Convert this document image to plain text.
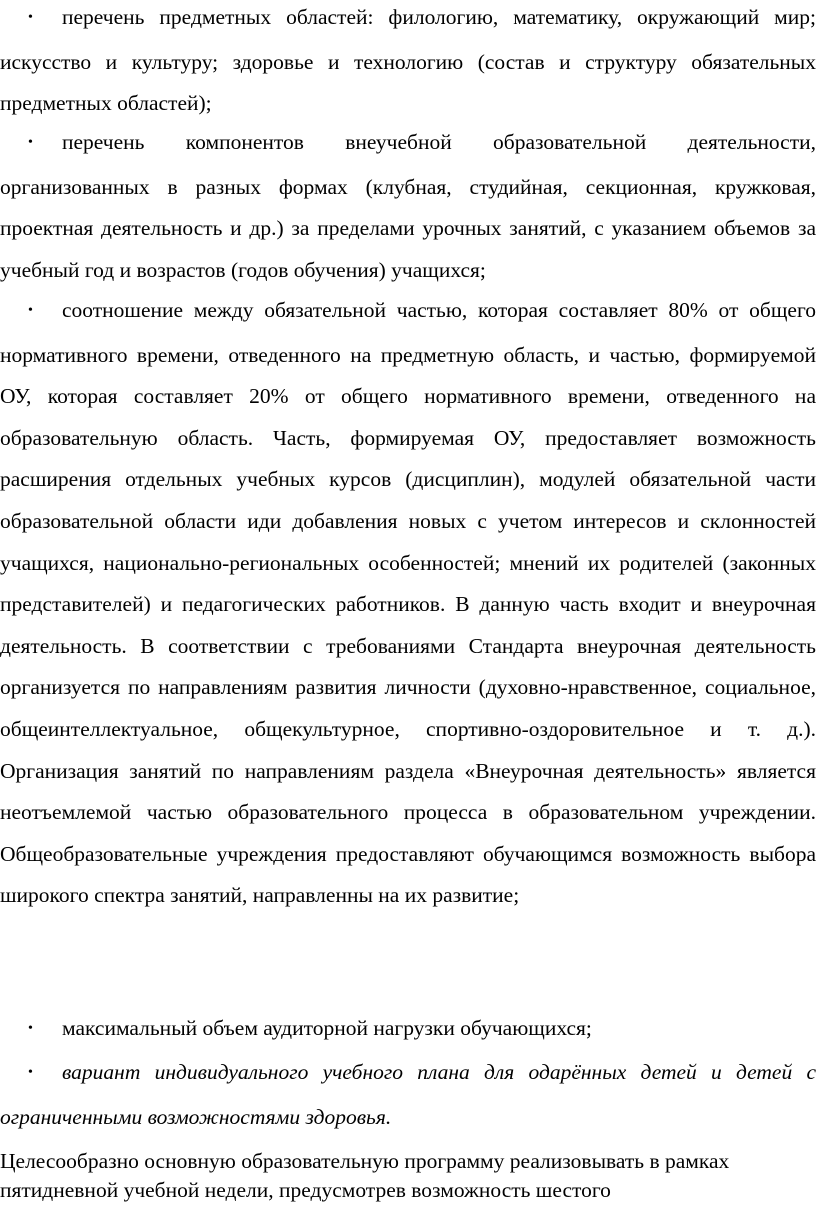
• перечень предметных областей: филологию, математику, окружающий мир; искусство и культуру; здоровье и технологию (состав и структуру обязательных предметных областей);

• перечень компонентов внеучебной образовательной деятельности, организованных в разных формах (клубная, студийная, секционная, кружковая, проектная деятельность и др.) за пределами урочных занятий, с указанием объемов за учебный год и возрастов (годов обучения) учащихся;

• соотношение между обязательной частью, которая составляет 80% от общего нормативного времени, отведенного на предметную область, и частью, формируемой ОУ, которая составляет 20% от общего нормативного времени, отведенного на образовательную область. Часть, формируемая ОУ, предоставляет возможность расширения отдельных учебных курсов (дисциплин), модулей обязательной части образовательной области иди добавления новых с учетом интересов и склонностей учащихся, национально-региональных особенностей; мнений их родителей (законных представителей) и педагогических работников. В данную часть входит и внеурочная деятельность. В соответствии с требованиями Стандарта внеурочная деятельность организуется по направлениям развития личности (духовно-нравственное, социальное, общеинтеллектуальное, общекультурное, спортивно-оздоровительное и т. д.). Организация занятий по направлениям раздела «Внеурочная деятельность» является неотъемлемой частью образовательного процесса в образовательном учреждении. Общеобразовательные учреждения предоставляют обучающимся возможность выбора широкого спектра занятий, направленны на их развитие;

• максимальный объем аудиторной нагрузки обучающихся;

• вариант индивидуального учебного плана для одарённых детей и детей с ограниченными возможностями здоровья.

Целесообразно основную образовательную программу реализовывать в рамках пятидневной учебной недели, предусмотрев возможность шестого
